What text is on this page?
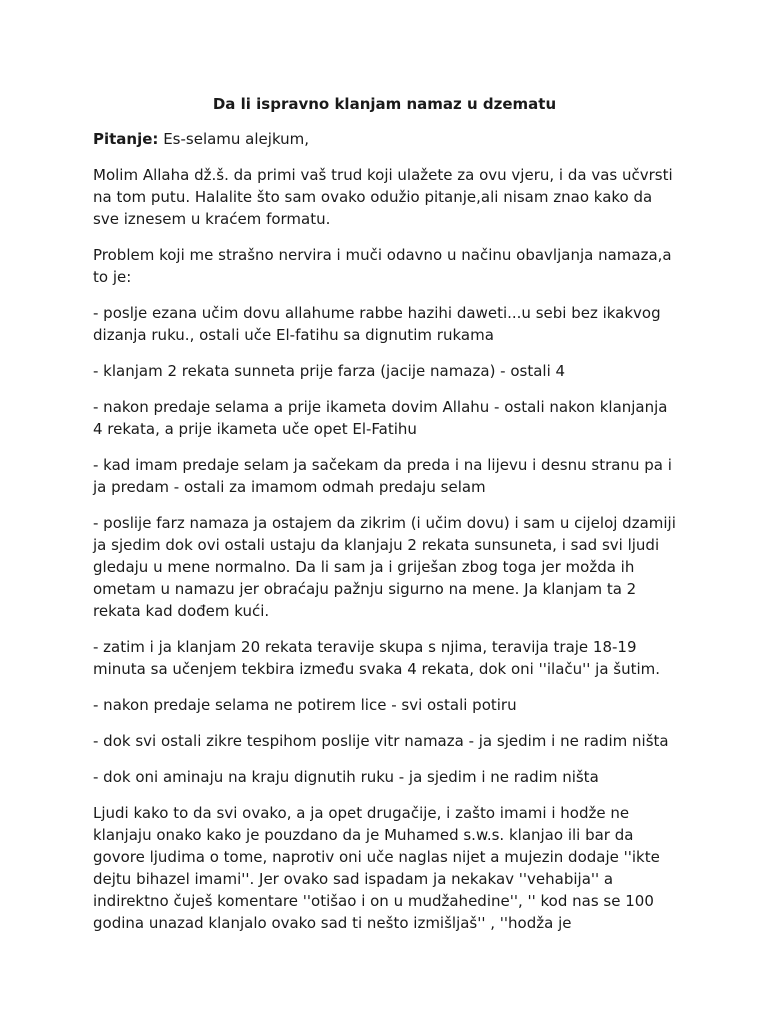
Da li ispravno klanjam namaz u dzematu

Pitanje: Es-selamu alejkum,

Molim Allaha dž.š. da primi vaš trud koji ulažete za ovu vjeru, i da vas učvrsti na tom putu. Halalite što sam ovako odužio pitanje,ali nisam znao kako da sve iznesem u kraćem formatu.

Problem koji me strašno nervira i muči odavno u načinu obavljanja namaza,a to je:

- poslje ezana učim dovu allahume rabbe hazihi daweti...u sebi bez ikakvog dizanja ruku., ostali uče El-fatihu sa dignutim rukama

- klanjam 2 rekata sunneta prije farza (jacije namaza) - ostali 4

- nakon predaje selama a prije ikameta dovim Allahu - ostali nakon klanjanja 4 rekata, a prije ikameta uče opet El-Fatihu

- kad imam predaje selam ja sačekam da preda i na lijevu i desnu stranu pa i ja predam - ostali za imamom odmah predaju selam

- poslije farz namaza ja ostajem da zikrim (i učim dovu) i sam u cijeloj dzamiji ja sjedim dok ovi ostali ustaju da klanjaju 2 rekata sunsuneta, i sad svi ljudi gledaju u mene normalno. Da li sam ja i griješan zbog toga jer možda ih ometam u namazu jer obraćaju pažnju sigurno na mene. Ja klanjam ta 2 rekata kad dođem kući.

- zatim i ja klanjam 20 rekata teravije skupa s njima, teravija traje 18-19 minuta sa učenjem tekbira između svaka 4 rekata, dok oni ''ilaču'' ja šutim.

- nakon predaje selama ne potirem lice - svi ostali potiru

- dok svi ostali zikre tespihom poslije vitr namaza - ja sjedim i ne radim ništa

- dok oni aminaju na kraju dignutih ruku - ja sjedim i ne radim ništa

Ljudi kako to da svi ovako, a ja opet drugačije, i zašto imami i hodže ne klanjaju onako kako je pouzdano da je Muhamed s.w.s. klanjao ili bar da govore ljudima o tome, naprotiv oni uče naglas nijet a mujezin dodaje ''ikte dejtu bihazel imami''. Jer ovako sad ispadam ja nekakav ''vehabija'' a indirektno čuješ komentare ''otišao i on u mudžahedine'', '' kod nas se 100 godina unazad klanjalo ovako sad ti nešto izmišljaš'' , ''hodža je
